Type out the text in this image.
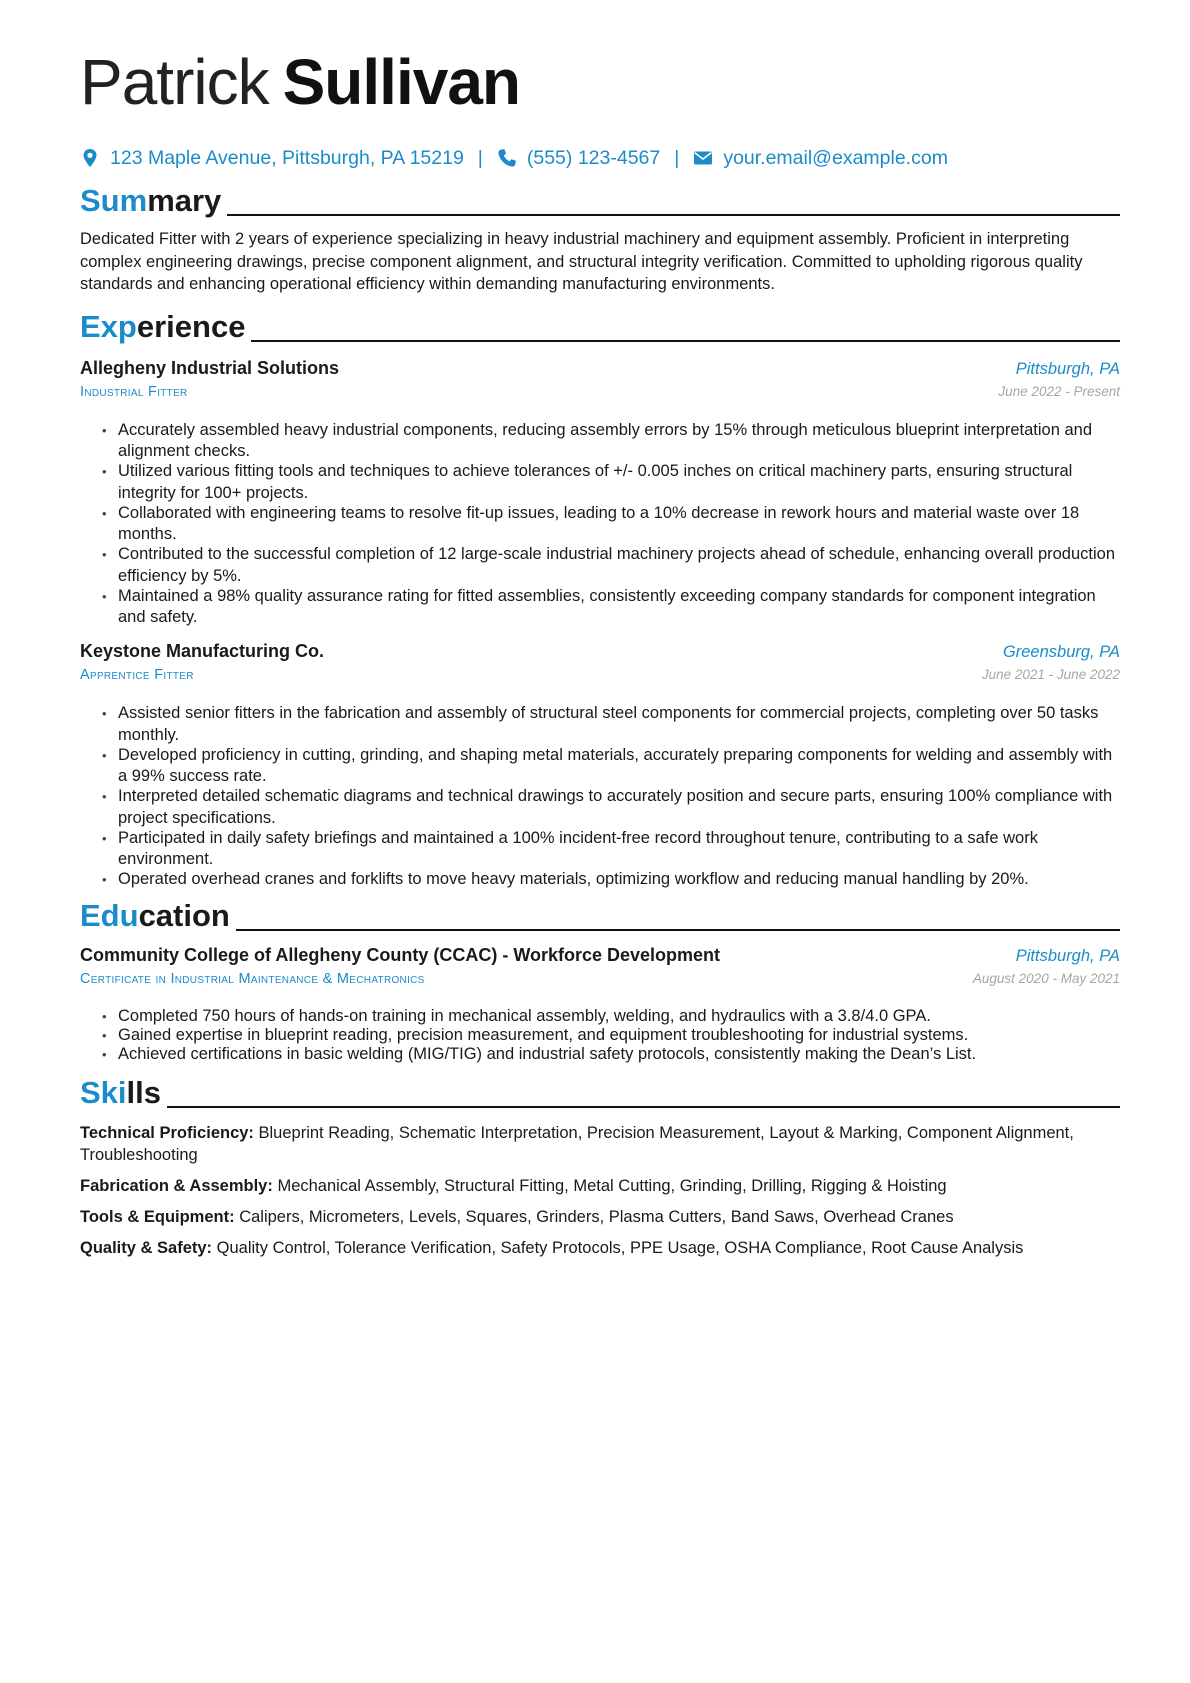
Patrick Sullivan
123 Maple Avenue, Pittsburgh, PA 15219 | (555) 123-4567 | your.email@example.com
Summary
Dedicated Fitter with 2 years of experience specializing in heavy industrial machinery and equipment assembly. Proficient in interpreting complex engineering drawings, precise component alignment, and structural integrity verification. Committed to upholding rigorous quality standards and enhancing operational efficiency within demanding manufacturing environments.
Experience
Allegheny Industrial Solutions	Pittsburgh, PA
Industrial Fitter	June 2022 - Present
• Accurately assembled heavy industrial components, reducing assembly errors by 15% through meticulous blueprint interpretation and alignment checks.
• Utilized various fitting tools and techniques to achieve tolerances of +/- 0.005 inches on critical machinery parts, ensuring structural integrity for 100+ projects.
• Collaborated with engineering teams to resolve fit-up issues, leading to a 10% decrease in rework hours and material waste over 18 months.
• Contributed to the successful completion of 12 large-scale industrial machinery projects ahead of schedule, enhancing overall production efficiency by 5%.
• Maintained a 98% quality assurance rating for fitted assemblies, consistently exceeding company standards for component integration and safety.
Keystone Manufacturing Co.	Greensburg, PA
Apprentice Fitter	June 2021 - June 2022
• Assisted senior fitters in the fabrication and assembly of structural steel components for commercial projects, completing over 50 tasks monthly.
• Developed proficiency in cutting, grinding, and shaping metal materials, accurately preparing components for welding and assembly with a 99% success rate.
• Interpreted detailed schematic diagrams and technical drawings to accurately position and secure parts, ensuring 100% compliance with project specifications.
• Participated in daily safety briefings and maintained a 100% incident-free record throughout tenure, contributing to a safe work environment.
• Operated overhead cranes and forklifts to move heavy materials, optimizing workflow and reducing manual handling by 20%.
Education
Community College of Allegheny County (CCAC) - Workforce Development	Pittsburgh, PA
Certificate in Industrial Maintenance & Mechatronics	August 2020 - May 2021
• Completed 750 hours of hands-on training in mechanical assembly, welding, and hydraulics with a 3.8/4.0 GPA.
• Gained expertise in blueprint reading, precision measurement, and equipment troubleshooting for industrial systems.
• Achieved certifications in basic welding (MIG/TIG) and industrial safety protocols, consistently making the Dean’s List.
Skills
Technical Proficiency: Blueprint Reading, Schematic Interpretation, Precision Measurement, Layout & Marking, Component Alignment, Troubleshooting
Fabrication & Assembly: Mechanical Assembly, Structural Fitting, Metal Cutting, Grinding, Drilling, Rigging & Hoisting
Tools & Equipment: Calipers, Micrometers, Levels, Squares, Grinders, Plasma Cutters, Band Saws, Overhead Cranes
Quality & Safety: Quality Control, Tolerance Verification, Safety Protocols, PPE Usage, OSHA Compliance, Root Cause Analysis
